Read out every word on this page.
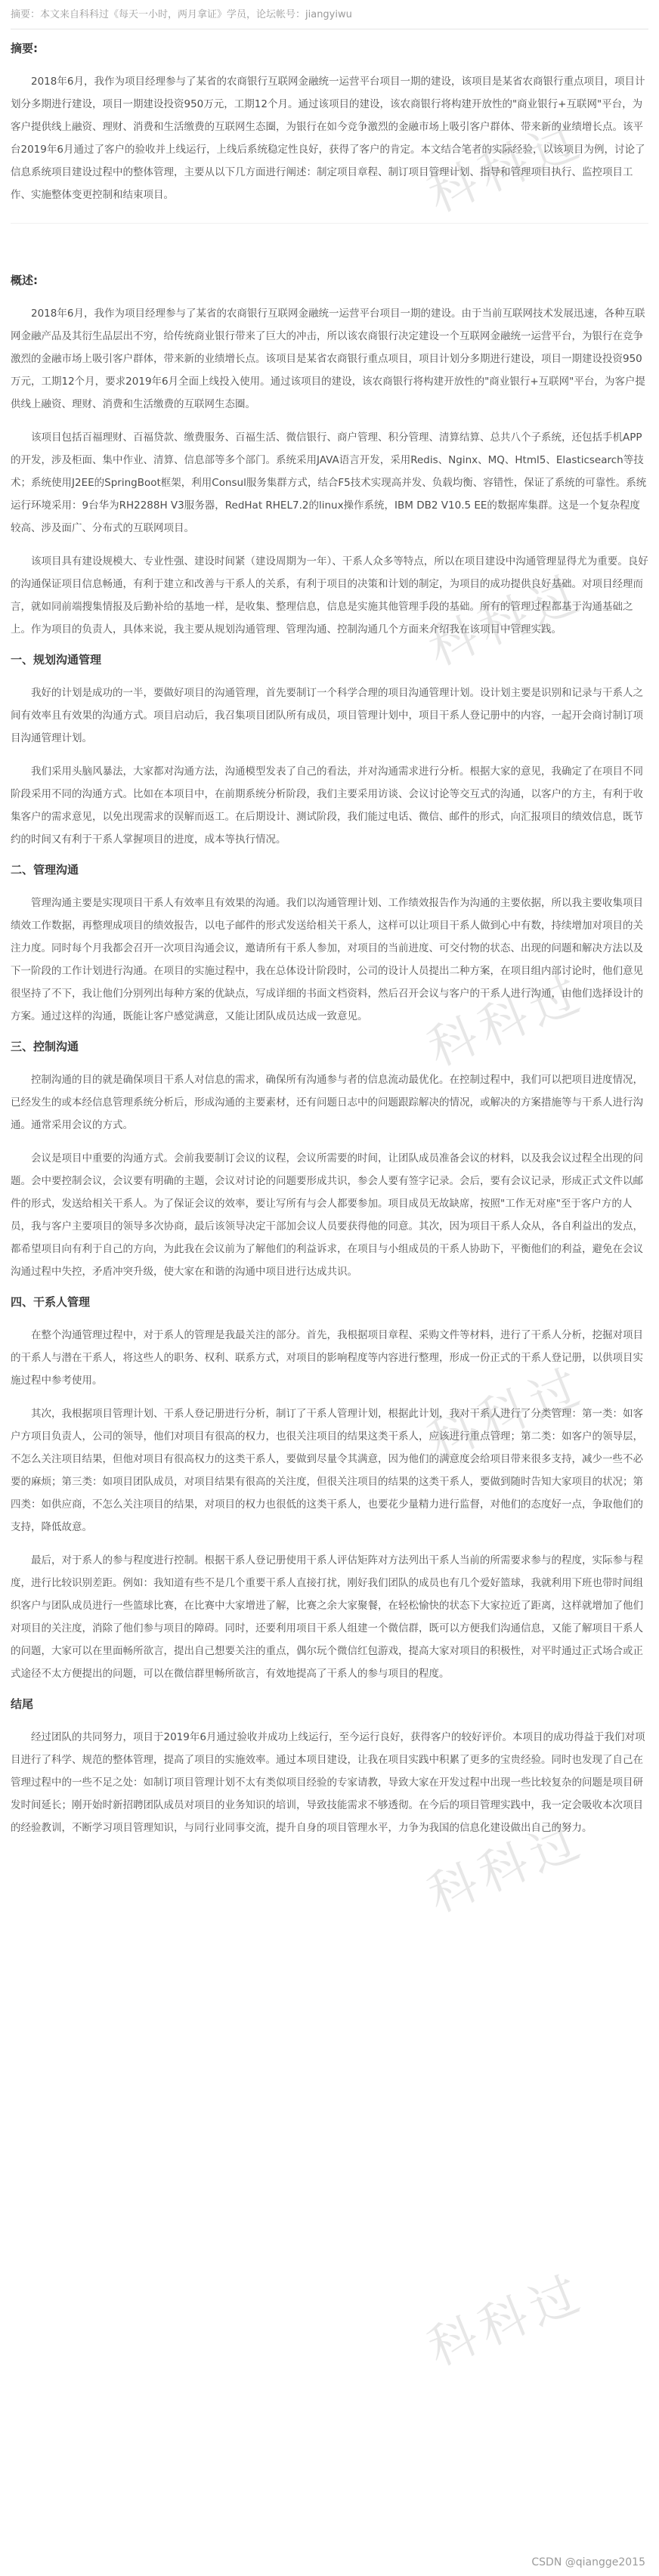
摘要：本文来自科科过《每天一小时，两月拿证》学员，论坛帐号：jiangyiwu
摘要:

2018年6月，我作为项目经理参与了某省的农商银行互联网金融统一运营平台项目一期的建设，该项目是某省农商银行重点项目，项目计划分多期进行建设，项目一期建设投资950万元，工期12个月。通过该项目的建设，该农商银行将构建开放性的"商业银行+互联网"平台，为客户提供线上融资、理财、消费和生活缴费的互联网生态圈，为银行在如今竞争激烈的金融市场上吸引客户群体、带来新的业绩增长点。该平台2019年6月通过了客户的验收并上线运行，上线后系统稳定性良好，获得了客户的肯定。本文结合笔者的实际经验，以该项目为例，讨论了信息系统项目建设过程中的整体管理，主要从以下几方面进行阐述：制定项目章程、制订项目管理计划、指导和管理项目执行、监控项目工作、实施整体变更控制和结束项目。

概述:

2018年6月，我作为项目经理参与了某省的农商银行互联网金融统一运营平台项目一期的建设。由于当前互联网技术发展迅速，各种互联网金融产品及其衍生品层出不穷，给传统商业银行带来了巨大的冲击，所以该农商银行决定建设一个互联网金融统一运营平台，为银行在竞争激烈的金融市场上吸引客户群体，带来新的业绩增长点。该项目是某省农商银行重点项目，项目计划分多期进行建设，项目一期建设投资950万元，工期12个月，要求2019年6月全面上线投入使用。通过该项目的建设，该农商银行将构建开放性的"商业银行+互联网"平台，为客户提供线上融资、理财、消费和生活缴费的互联网生态圈。

该项目包括百福理财、百福贷款、缴费服务、百福生活、微信银行、商户管理、积分管理、清算结算、总共八个子系统，还包括手机APP的开发，涉及柜面、集中作业、清算、信息部等多个部门。系统采用JAVA语言开发，采用Redis、Nginx、MQ、Html5、Elasticsearch等技术；系统使用J2EE的SpringBoot框架，利用Consul服务集群方式，结合F5技术实现高并发、负载均衡、容错性，保证了系统的可靠性。系统运行环境采用：9台华为RH2288H V3服务器，RedHat RHEL7.2的linux操作系统，IBM DB2 V10.5 EE的数据库集群。这是一个复杂程度较高、涉及面广、分布式的互联网项目。

该项目具有建设规模大、专业性强、建设时间紧（建设周期为一年）、干系人众多等特点，所以在项目建设中沟通管理显得尤为重要。良好的沟通保证项目信息畅通，有利于建立和改善与干系人的关系，有利于项目的决策和计划的制定，为项目的成功提供良好基础。对项目经理而言，就如同前端搜集情报及后勤补给的基地一样，是收集、整理信息，信息是实施其他管理手段的基础。所有的管理过程都基于沟通基础之上。作为项目的负责人，具体来说，我主要从规划沟通管理、管理沟通、控制沟通几个方面来介绍我在该项目中管理实践。

一、规划沟通管理

我好的计划是成功的一半，要做好项目的沟通管理，首先要制订一个科学合理的项目沟通管理计划。设计划主要是识别和记录与干系人之间有效率且有效果的沟通方式。项目启动后，我召集项目团队所有成员，项目管理计划中，项目干系人登记册中的内容，一起开会商讨制订项目沟通管理计划。

我们采用头脑风暴法，大家都对沟通方法，沟通模型发表了自己的看法，并对沟通需求进行分析。根据大家的意见，我确定了在项目不同阶段采用不同的沟通方式。比如在本项目中，在前期系统分析阶段，我们主要采用访谈、会议讨论等交互式的沟通，以客户的方主，有利于收集客户的需求意见，以免出现需求的误解而返工。在后期设计、测试阶段，我们能过电话、微信、邮件的形式，向汇报项目的绩效信息，既节约的时间又有利于干系人掌握项目的进度，成本等执行情况。

二、管理沟通

管理沟通主要是实现项目干系人有效率且有效果的沟通。我们以沟通管理计划、工作绩效报告作为沟通的主要依据，所以我主要收集项目绩效工作数据，再整理成项目的绩效报告，以电子邮件的形式发送给相关干系人，这样可以让项目干系人做到心中有数，持续增加对项目的关注力度。同时每个月我都会召开一次项目沟通会议，邀请所有干系人参加，对项目的当前进度、可交付物的状态、出现的问题和解决方法以及下一阶段的工作计划进行沟通。在项目的实施过程中，我在总体设计阶段时，公司的设计人员提出二种方案，在项目组内部讨论时，他们意见很坚持了不下，我让他们分别列出每种方案的优缺点，写成详细的书面文档资料，然后召开会议与客户的干系人进行沟通，由他们选择设计的方案。通过这样的沟通，既能让客户感觉满意，又能让团队成员达成一致意见。

三、控制沟通

控制沟通的目的就是确保项目干系人对信息的需求，确保所有沟通参与者的信息流动最优化。在控制过程中，我们可以把项目进度情况，已经发生的或本经信息管理系统分析后，形成沟通的主要素材，还有问题日志中的问题跟踪解决的情况，或解决的方案措施等与干系人进行沟通。通常采用会议的方式。

会议是项目中重要的沟通方式。会前我要制订会议的议程，会议所需要的时间，让团队成员准备会议的材料，以及我会议过程全出现的问题。会中要控制会议，会议要有明确的主题，会议对讨论的问题要形成共识，参会人要有签字记录。会后，要有会议记录，形成正式文件以邮件的形式，发送给相关干系人。为了保证会议的效率，要让写所有与会人都要参加。项目成员无故缺席，按照"工作无对座"至于客户方的人员，我与客户主要项目的领导多次协商，最后该领导决定干部加会议人员要获得他的同意。其次，因为项目干系人众从，各自利益出的发点，都希望项目向有利于自己的方向，为此我在会议前为了解他们的利益诉求，在项目与小组成员的干系人协助下，平衡他们的利益，避免在会议沟通过程中失控，矛盾冲突升级，使大家在和谐的沟通中项目进行达成共识。

四、干系人管理

在整个沟通管理过程中，对于系人的管理是我最关注的部分。首先，我根据项目章程、采购文件等材料，进行了干系人分析，挖掘对项目的干系人与潜在干系人，将这些人的职务、权利、联系方式，对项目的影响程度等内容进行整理，形成一份正式的干系人登记册，以供项目实施过程中参考使用。

其次，我根据项目管理计划、干系人登记册进行分析，制订了干系人管理计划，根据此计划，我对干系人进行了分类管理：第一类：如客户方项目负责人，公司的领导，他们对项目有很高的权力，也很关注项目的结果这类干系人，应该进行重点管理；第二类：如客户的领导层，不怎么关注项目结果，但他对项目有很高权力的这类干系人，要做到尽量令其满意，因为他们的满意度会给项目带来很多支持，减少一些不必要的麻烦；第三类：如项目团队成员，对项目结果有很高的关注度，但很关注项目的结果的这类干系人，要做到随时告知大家项目的状况；第四类：如供应商，不怎么关注项目的结果，对项目的权力也很低的这类干系人，也要花少量精力进行监督，对他们的态度好一点，争取他们的支持，降低故意。

最后，对于系人的参与程度进行控制。根据干系人登记册使用干系人评估矩阵对方法列出干系人当前的所需要求参与的程度，实际参与程度，进行比较识别差距。例如：我知道有些不是几个重要干系人直接打扰，刚好我们团队的成员也有几个爱好篮球，我就利用下班也带时间组织客户与团队成员进行一些篮球比赛，在比赛中大家增进了解，比赛之余大家聚餐，在轻松愉快的状态下大家拉近了距离，这样就增加了他们对项目的关注度，消除了他们参与项目的障碍。同时，还要利用项目干系人组建一个微信群，既可以方便我们沟通信息，又能了解项目干系人的问题，大家可以在里面畅所欲言，提出自己想要关注的重点，偶尔玩个微信红包游戏，提高大家对项目的积极性，对平时通过正式场合或正式途径不太方便提出的问题，可以在微信群里畅所欲言，有效地提高了干系人的参与项目的程度。

结尾

经过团队的共同努力，项目于2019年6月通过验收并成功上线运行，至今运行良好，获得客户的较好评价。本项目的成功得益于我们对项目进行了科学、规范的整体管理，提高了项目的实施效率。通过本项目建设，让我在项目实践中积累了更多的宝贵经验。同时也发现了自己在管理过程中的一些不足之处：如制订项目管理计划不太有类似项目经验的专家请教，导致大家在开发过程中出现一些比较复杂的问题是项目研发时间延长；刚开始时新招聘团队成员对项目的业务知识的培训，导致技能需求不够透彻。在今后的项目管理实践中，我一定会吸收本次项目的经验教训，不断学习项目管理知识，与同行业同事交流，提升自身的项目管理水平，力争为我国的信息化建设做出自己的努力。

科科过
科科过
科科过
科科过
科科过
科科过
CSDN @qiangge2015
